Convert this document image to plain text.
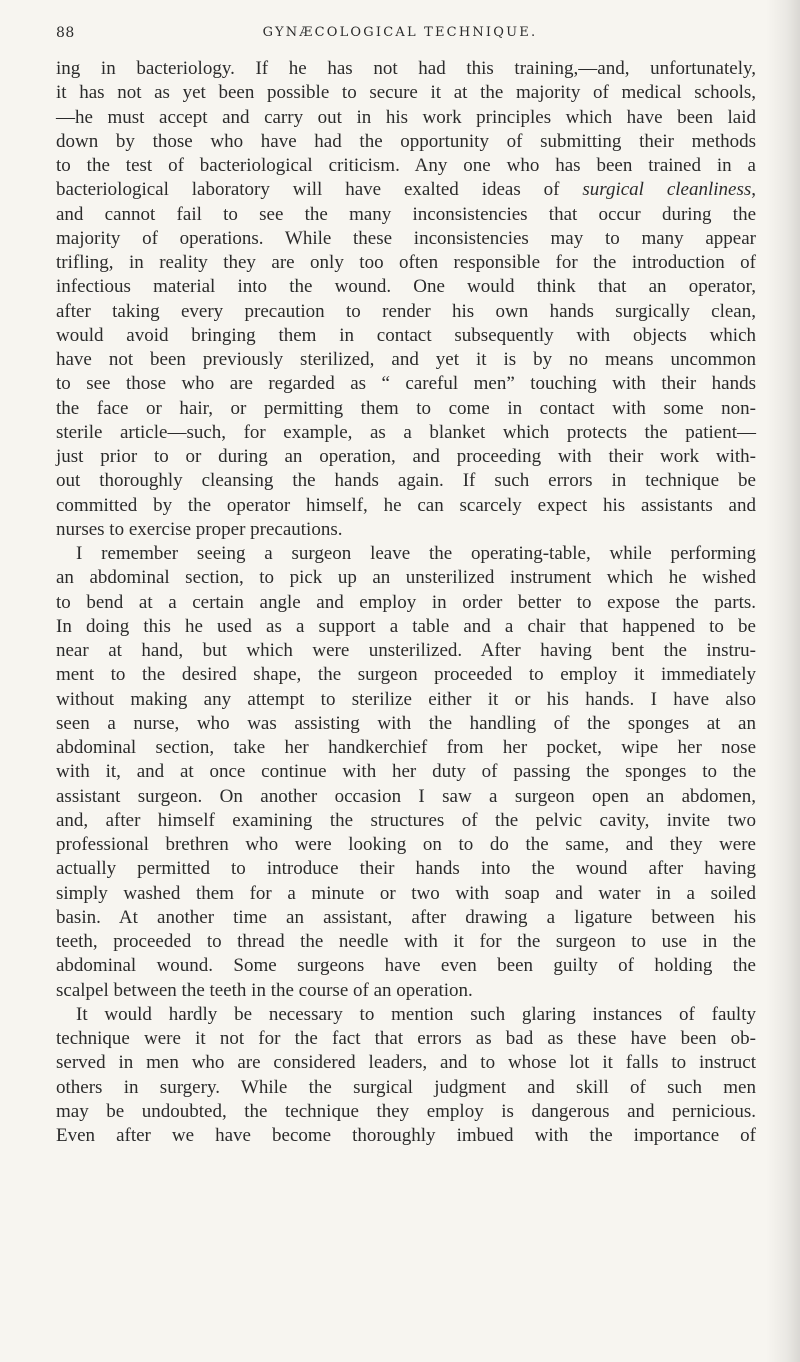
88	GYNÆCOLOGICAL TECHNIQUE.
ing in bacteriology. If he has not had this training,—and, unfortunately,
it has not as yet been possible to secure it at the majority of medical schools,
—he must accept and carry out in his work principles which have been laid
down by those who have had the opportunity of submitting their methods
to the test of bacteriological criticism. Any one who has been trained in a
bacteriological laboratory will have exalted ideas of surgical cleanliness,
and cannot fail to see the many inconsistencies that occur during the
majority of operations. While these inconsistencies may to many appear
trifling, in reality they are only too often responsible for the introduction of
infectious material into the wound. One would think that an operator,
after taking every precaution to render his own hands surgically clean,
would avoid bringing them in contact subsequently with objects which
have not been previously sterilized, and yet it is by no means uncommon
to see those who are regarded as “ careful men” touching with their hands
the face or hair, or permitting them to come in contact with some non-
sterile article—such, for example, as a blanket which protects the patient—
just prior to or during an operation, and proceeding with their work with-
out thoroughly cleansing the hands again. If such errors in technique be
committed by the operator himself, he can scarcely expect his assistants and
nurses to exercise proper precautions.
I remember seeing a surgeon leave the operating-table, while performing
an abdominal section, to pick up an unsterilized instrument which he wished
to bend at a certain angle and employ in order better to expose the parts.
In doing this he used as a support a table and a chair that happened to be
near at hand, but which were unsterilized. After having bent the instru-
ment to the desired shape, the surgeon proceeded to employ it immediately
without making any attempt to sterilize either it or his hands. I have also
seen a nurse, who was assisting with the handling of the sponges at an
abdominal section, take her handkerchief from her pocket, wipe her nose
with it, and at once continue with her duty of passing the sponges to the
assistant surgeon. On another occasion I saw a surgeon open an abdomen,
and, after himself examining the structures of the pelvic cavity, invite two
professional brethren who were looking on to do the same, and they were
actually permitted to introduce their hands into the wound after having
simply washed them for a minute or two with soap and water in a soiled
basin. At another time an assistant, after drawing a ligature between his
teeth, proceeded to thread the needle with it for the surgeon to use in the
abdominal wound. Some surgeons have even been guilty of holding the
scalpel between the teeth in the course of an operation.
It would hardly be necessary to mention such glaring instances of faulty
technique were it not for the fact that errors as bad as these have been ob-
served in men who are considered leaders, and to whose lot it falls to instruct
others in surgery. While the surgical judgment and skill of such men
may be undoubted, the technique they employ is dangerous and pernicious.
Even after we have become thoroughly imbued with the importance of
